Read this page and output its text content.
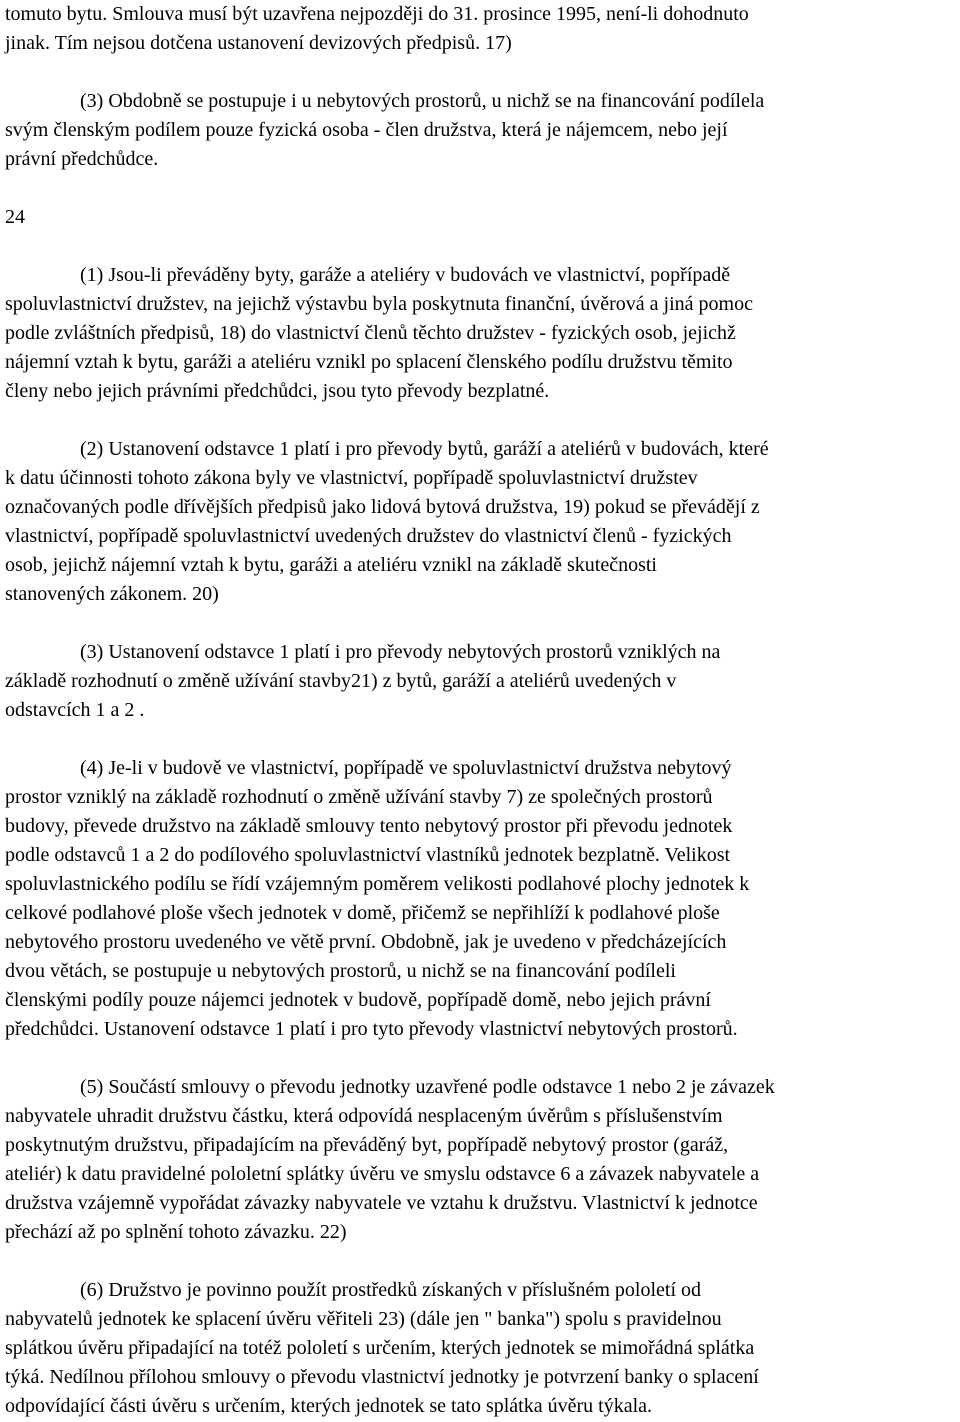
tomuto bytu. Smlouva musí být uzavřena nejpozději do 31. prosince 1995, není-li dohodnuto
jinak. Tím nejsou dotčena ustanovení devizových předpisů. 17)

(3) Obdobně se postupuje i u nebytových prostorů, u nichž se na financování podílela
svým členským podílem pouze fyzická osoba - člen družstva, která je nájemcem, nebo její
právní předchůdce.

24

(1) Jsou-li převáděny byty, garáže a ateliéry v budovách ve vlastnictví, popřípadě
spoluvlastnictví družstev, na jejichž výstavbu byla poskytnuta finanční, úvěrová a jiná pomoc
podle zvláštních předpisů, 18) do vlastnictví členů těchto družstev - fyzických osob, jejichž
nájemní vztah k bytu, garáži a ateliéru vznikl po splacení členského podílu družstvu těmito
členy nebo jejich právními předchůdci, jsou tyto převody bezplatné.

(2) Ustanovení odstavce 1 platí i pro převody bytů, garáží a ateliérů v budovách, které
k datu účinnosti tohoto zákona byly ve vlastnictví, popřípadě spoluvlastnictví družstev
označovaných podle dřívějších předpisů jako lidová bytová družstva, 19) pokud se převádějí z
vlastnictví, popřípadě spoluvlastnictví uvedených družstev do vlastnictví členů - fyzických
osob, jejichž nájemní vztah k bytu, garáži a ateliéru vznikl na základě skutečnosti
stanovených zákonem. 20)

(3) Ustanovení odstavce 1 platí i pro převody nebytových prostorů vzniklých na
základě rozhodnutí o změně užívání stavby21) z bytů, garáží a ateliérů uvedených v
odstavcích 1 a 2 .

(4) Je-li v budově ve vlastnictví, popřípadě ve spoluvlastnictví družstva nebytový
prostor vzniklý na základě rozhodnutí o změně užívání stavby 7) ze společných prostorů
budovy, převede družstvo na základě smlouvy tento nebytový prostor při převodu jednotek
podle odstavců 1 a 2 do podílového spoluvlastnictví vlastníků jednotek bezplatně. Velikost
spoluvlastnického podílu se řídí vzájemným poměrem velikosti podlahové plochy jednotek k
celkové podlahové ploše všech jednotek v domě, přičemž se nepřihlíží k podlahové ploše
nebytového prostoru uvedeného ve větě první. Obdobně, jak je uvedeno v předcházejících
dvou větách, se postupuje u nebytových prostorů, u nichž se na financování podíleli
členskými podíly pouze nájemci jednotek v budově, popřípadě domě, nebo jejich právní
předchůdci. Ustanovení odstavce 1 platí i pro tyto převody vlastnictví nebytových prostorů.

(5) Součástí smlouvy o převodu jednotky uzavřené podle odstavce 1 nebo 2 je závazek
nabyvatele uhradit družstvu částku, která odpovídá nesplaceným úvěrům s příslušenstvím
poskytnutým družstvu, připadajícím na převáděný byt, popřípadě nebytový prostor (garáž,
ateliér) k datu pravidelné pololetní splátky úvěru ve smyslu odstavce 6 a závazek nabyvatele a
družstva vzájemně vypořádat závazky nabyvatele ve vztahu k družstvu. Vlastnictví k jednotce
přechází až po splnění tohoto závazku. 22)

(6) Družstvo je povinno použít prostředků získaných v příslušném pololetí od
nabyvatelů jednotek ke splacení úvěru věřiteli 23) (dále jen " banka") spolu s pravidelnou
splátkou úvěru připadající na totéž pololetí s určením, kterých jednotek se mimořádná splátka
týká. Nedílnou přílohou smlouvy o převodu vlastnictví jednotky je potvrzení banky o splacení
odpovídající části úvěru s určením, kterých jednotek se tato splátka úvěru týkala.
